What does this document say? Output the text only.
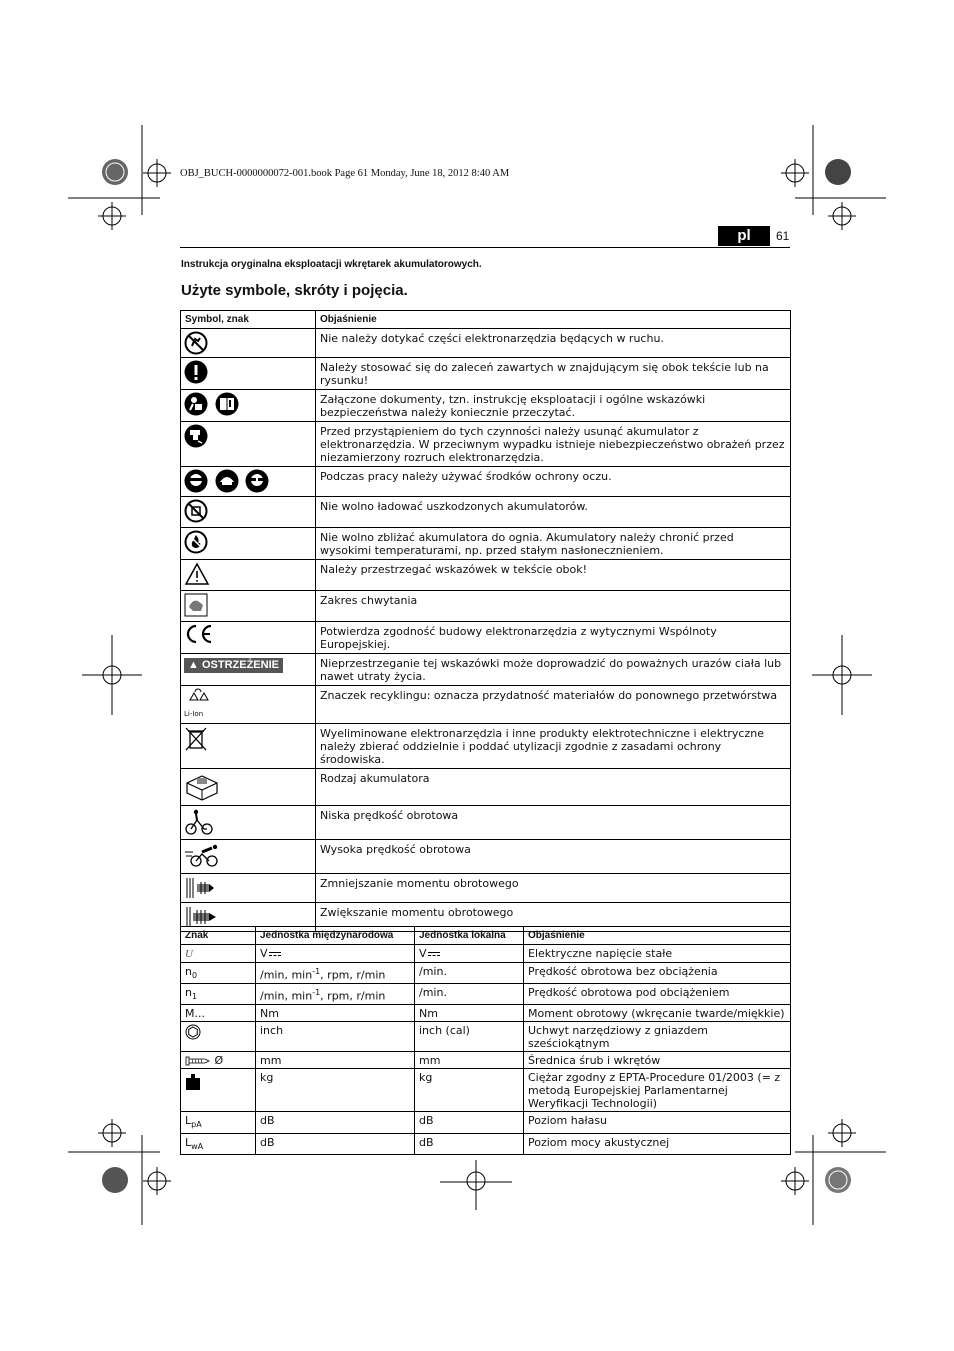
OBJ_BUCH-0000000072-001.book Page 61 Monday, June 18, 2012 8:40 AM
pl	61
Instrukcja oryginalna eksploatacji wkrętarek akumulatorowych.
Użyte symbole, skróty i pojęcia.
Symbol, znak	Objaśnienie
	Nie należy dotykać części elektronarzędzia będących w ruchu.
	Należy stosować się do zaleceń zawartych w znajdującym się obok tekście lub na rysunku!
	Załączone dokumenty, tzn. instrukcję eksploatacji i ogólne wskazówki bezpieczeństwa należy koniecznie przeczytać.
	Przed przystąpieniem do tych czynności należy usunąć akumulator z elektronarzędzia. W przeciwnym wypadku istnieje niebezpieczeństwo obrażeń przez niezamierzony rozruch elektronarzędzia.
	Podczas pracy należy używać środków ochrony oczu.
	Nie wolno ładować uszkodzonych akumulatorów.
	Nie wolno zbliżać akumulatora do ognia. Akumulatory należy chronić przed wysokimi temperaturami, np. przed stałym nasłonecznieniem.
	Należy przestrzegać wskazówek w tekście obok!
	Zakres chwytania
	Potwierdza zgodność budowy elektronarzędzia z wytycznymi Wspólnoty Europejskiej.
▲ OSTRZEŻENIE	Nieprzestrzeganie tej wskazówki może doprowadzić do poważnych urazów ciała lub nawet utraty życia.

Li-Ion	Znaczek recyklingu: oznacza przydatność materiałów do ponownego przetwórstwa
	Wyeliminowane elektronarzędzia i inne produkty elektrotechniczne i elektryczne należy zbierać oddzielnie i poddać utylizacji zgodnie z zasadami ochrony środowiska.
	Rodzaj akumulatora
	Niska prędkość obrotowa
	Wysoka prędkość obrotowa
	Zmniejszanie momentu obrotowego
	Zwiększanie momentu obrotowego
Znak	Jednostka międzynarodowa	Jednostka lokalna	Objaśnienie
U	V	V	Elektryczne napięcie stałe
$n_0$	/min, $\min^{-1}$, rpm, r/min	/min.	Prędkość obrotowa bez obciążenia
$n_1$	/min, $\min^{-1}$, rpm, r/min	/min.	Prędkość obrotowa pod obciążeniem
M...	Nm	Nm	Moment obrotowy (wkręcanie twarde/miękkie)
	inch	inch (cal)	Uchwyt narzędziowy z gniazdem sześciokątnym
Ø	mm	mm	Średnica śrub i wkrętów
	kg	kg	Ciężar zgodny z EPTA-Procedure 01/2003 (= z metodą Europejskiej Parlamentarnej Weryfikacji Technologii)
$L_{pA}$	dB	dB	Poziom hałasu
$L_{wA}$	dB	dB	Poziom mocy akustycznej
